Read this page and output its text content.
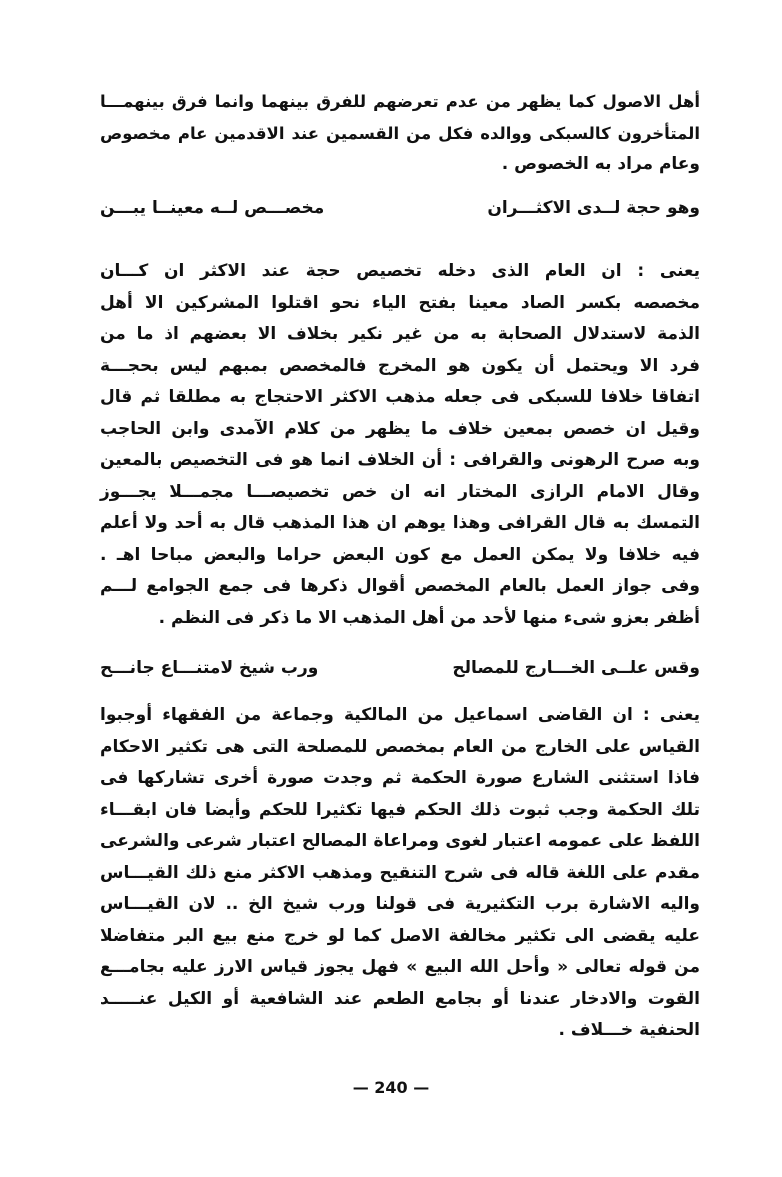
أهل الاصول كما يظهر من عدم تعرضهم للفرق بينهما وانما فرق بينهمـــا
المتأخرون كالسبكى ووالده فكل من القسمين عند الاقدمين عام مخصوص
وعام مراد به الخصوص .
وهو حجة لــدى الاكثـــران
مخصـــص لــه معينــا يبـــن
يعنى : ان العام الذى دخله تخصيص حجة عند الاكثر ان كـــان
مخصصه بكسر الصاد معينا بفتح الياء نحو اقتلوا المشركين الا أهل
الذمة لاستدلال الصحابة به من غير نكير بخلاف الا بعضهم اذ ما من
فرد الا ويحتمل أن يكون هو المخرج فالمخصص بمبهم ليس بحجـــة
اتفاقا خلافا للسبكى فى جعله مذهب الاكثر الاحتجاج به مطلقا ثم قال
وقيل ان خصص بمعين خلاف ما يظهر من كلام الآمدى وابن الحاجب
وبه صرح الرهونى والقرافى : أن الخلاف انما هو فى التخصيص بالمعين
وقال الامام الرازى المختار انه ان خص تخصيصـــا مجمـــلا يجـــوز
التمسك به قال القرافى وهذا يوهم ان هذا المذهب قال به أحد ولا أعلم
فيه خلافا ولا يمكن العمل مع كون البعض حراما والبعض مباحا اهـ .
وفى جواز العمل بالعام المخصص أقوال ذكرها فى جمع الجوامع لـــم
أظفر بعزو شىء منها لأحد من أهل المذهب الا ما ذكر فى النظم .
وقس علــى الخـــارج للمصالح
ورب شيخ لامتنـــاع جانـــح
يعنى : ان القاضى اسماعيل من المالكية وجماعة من الفقهاء أوجبوا
القياس على الخارج من العام بمخصص للمصلحة التى هى تكثير الاحكام
فاذا استثنى الشارع صورة الحكمة ثم وجدت صورة أخرى تشاركها فى
تلك الحكمة وجب ثبوت ذلك الحكم فيها تكثيرا للحكم وأيضا فان ابقـــاء
اللفظ على عمومه اعتبار لغوى ومراعاة المصالح اعتبار شرعى والشرعى
مقدم على اللغة قاله فى شرح التنقيح ومذهب الاكثر منع ذلك القيـــاس
واليه الاشارة برب التكثيرية فى قولنا ورب شيخ الخ .. لان القيـــاس
عليه يقضى الى تكثير مخالفة الاصل كما لو خرج منع بيع البر متفاضلا
من قوله تعالى « وأحل الله البيع » فهل يجوز قياس الارز عليه بجامـــع
القوت والادخار عندنا أو بجامع الطعم عند الشافعية أو الكيل عنـــــد
الحنفية خـــلاف .
— 240 —
